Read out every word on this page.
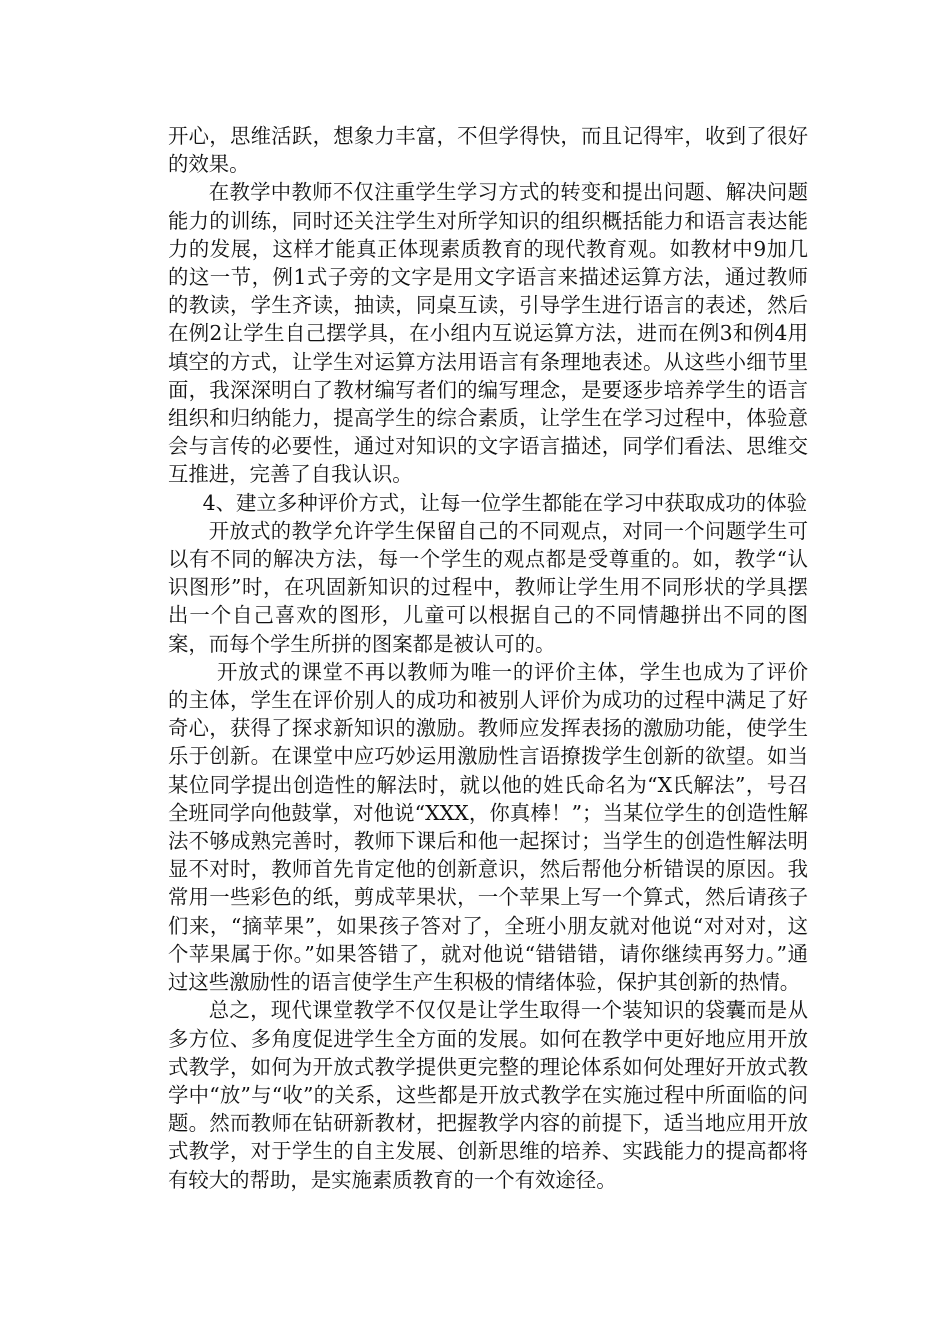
开心，思维活跃，想象力丰富，不但学得快，而且记得牢，收到了很好的效果。

在教学中教师不仅注重学生学习方式的转变和提出问题、解决问题能力的训练，同时还关注学生对所学知识的组织概括能力和语言表达能力的发展，这样才能真正体现素质教育的现代教育观。如教材中9加几的这一节，例1式子旁的文字是用文字语言来描述运算方法，通过教师的教读，学生齐读，抽读，同桌互读，引导学生进行语言的表述，然后在例2让学生自己摆学具，在小组内互说运算方法，进而在例3和例4用填空的方式，让学生对运算方法用语言有条理地表述。从这些小细节里面，我深深明白了教材编写者们的编写理念，是要逐步培养学生的语言组织和归纳能力，提高学生的综合素质，让学生在学习过程中，体验意会与言传的必要性，通过对知识的文字语言描述，同学们看法、思维交互推进，完善了自我认识。

4、建立多种评价方式，让每一位学生都能在学习中获取成功的体验

开放式的教学允许学生保留自己的不同观点，对同一个问题学生可以有不同的解决方法，每一个学生的观点都是受尊重的。如，教学“认识图形”时，在巩固新知识的过程中，教师让学生用不同形状的学具摆出一个自己喜欢的图形，儿童可以根据自己的不同情趣拼出不同的图案，而每个学生所拼的图案都是被认可的。

开放式的课堂不再以教师为唯一的评价主体，学生也成为了评价的主体，学生在评价别人的成功和被别人评价为成功的过程中满足了好奇心，获得了探求新知识的激励。教师应发挥表扬的激励功能，使学生乐于创新。在课堂中应巧妙运用激励性言语撩拨学生创新的欲望。如当某位同学提出创造性的解法时，就以他的姓氏命名为“X氏解法”，号召全班同学向他鼓掌，对他说“XXX，你真棒！”；当某位学生的创造性解法不够成熟完善时，教师下课后和他一起探讨；当学生的创造性解法明显不对时，教师首先肯定他的创新意识，然后帮他分析错误的原因。我常用一些彩色的纸，剪成苹果状，一个苹果上写一个算式，然后请孩子们来，“摘苹果”，如果孩子答对了，全班小朋友就对他说“对对对，这个苹果属于你。”如果答错了，就对他说“错错错，请你继续再努力。”通过这些激励性的语言使学生产生积极的情绪体验，保护其创新的热情。

总之，现代课堂教学不仅仅是让学生取得一个装知识的袋囊而是从多方位、多角度促进学生全方面的发展。如何在教学中更好地应用开放式教学，如何为开放式教学提供更完整的理论体系如何处理好开放式教学中“放”与“收”的关系，这些都是开放式教学在实施过程中所面临的问题。然而教师在钻研新教材，把握教学内容的前提下，适当地应用开放式教学，对于学生的自主发展、创新思维的培养、实践能力的提高都将有较大的帮助，是实施素质教育的一个有效途径。
